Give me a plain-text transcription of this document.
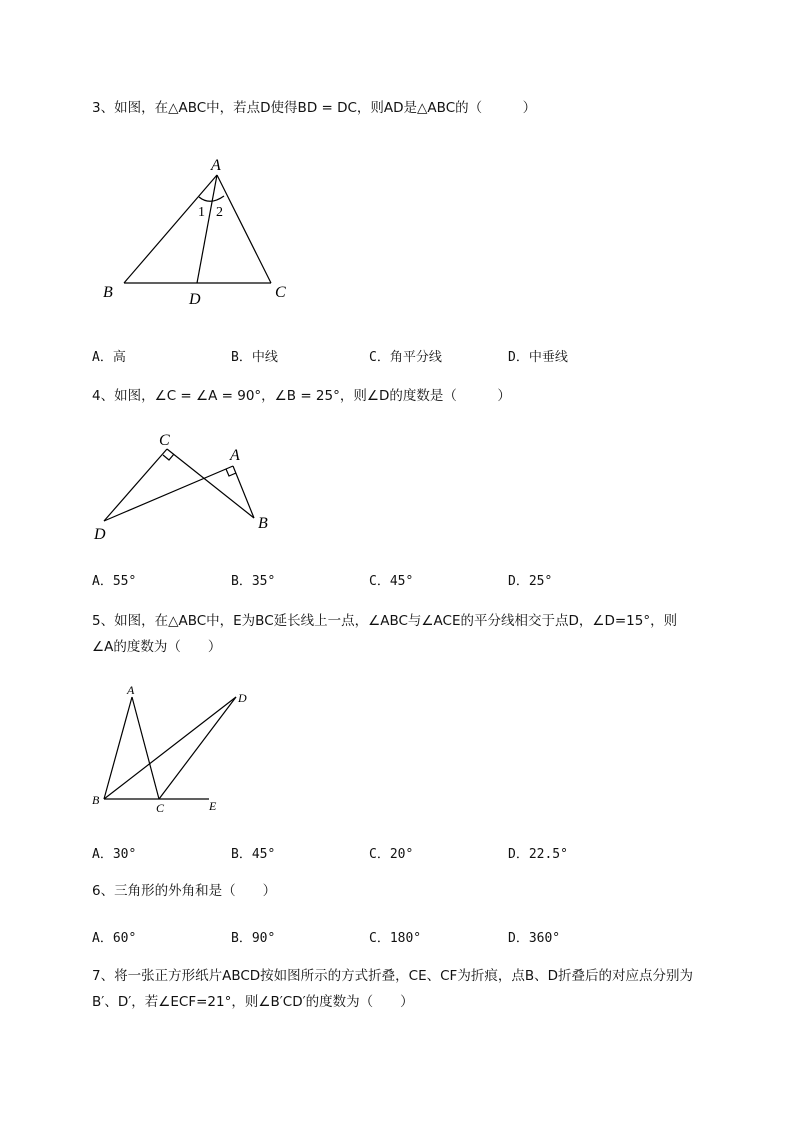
3、如图，在△ABC中，若点D使得BD = DC，则AD是△ABC的（　　　）
A
B	C
D
1 2
A．高	B．中线	C．角平分线	D．中垂线
4、如图，∠C = ∠A = 90°，∠B = 25°，则∠D的度数是（　　　）
C
A
D
B
A．55°	B．35°	C．45°	D．25°
5、如图，在△ABC中，E为BC延长线上一点，∠ABC与∠ACE的平分线相交于点D，∠D=15°，则
∠A的度数为（　　）
A
D
B
C	E
A．30°	B．45°	C．20°	D．22.5°
6、三角形的外角和是（　　）
A．60°	B．90°	C．180°	D．360°
7、将一张正方形纸片ABCD按如图所示的方式折叠，CE、CF为折痕，点B、D折叠后的对应点分别为
B′、D′，若∠ECF=21°，则∠B′CD′的度数为（　　）
